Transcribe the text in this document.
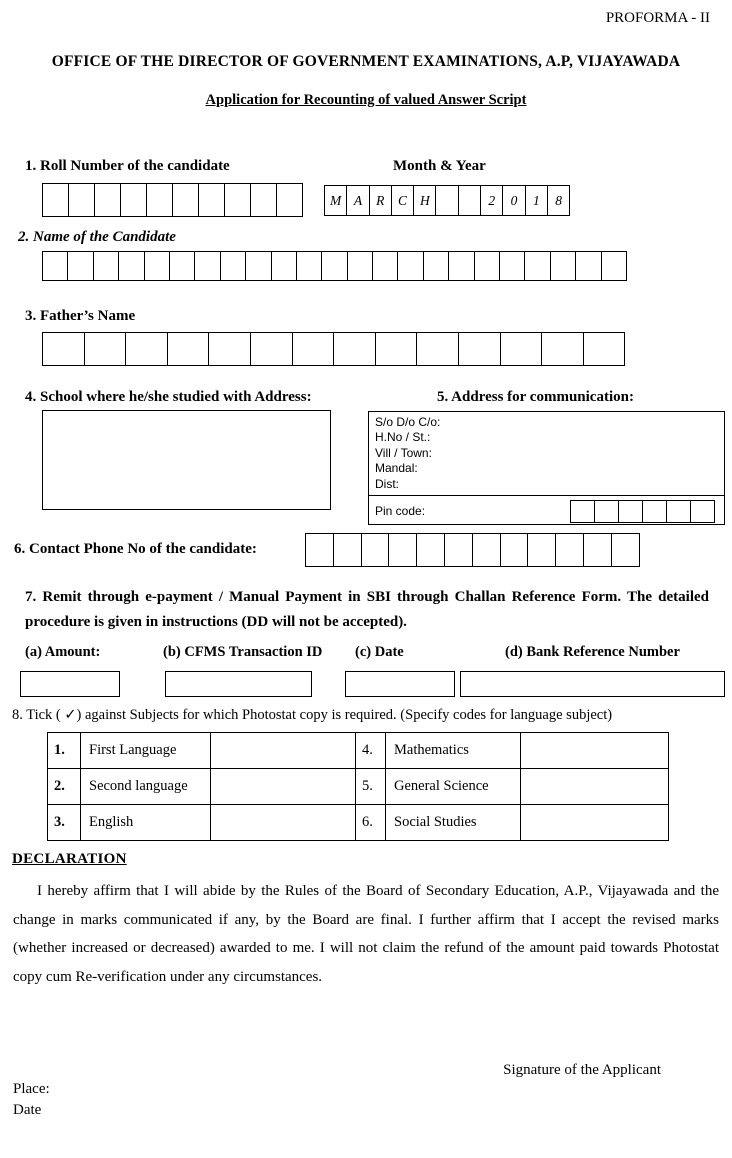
PROFORMA - II
OFFICE OF THE DIRECTOR OF GOVERNMENT EXAMINATIONS, A.P, VIJAYAWADA
Application for Recounting of valued Answer Script
1. Roll Number of the candidate	Month & Year
M A	R	C H	2	0	1	8
2. Name of the Candidate
3. Father’s Name
4. School where he/she studied with Address:	5. Address for communication:
S/o D/o C/o:
H.No / St.:
Vill / Town:
Mandal:
Dist:
Pin code:
6. Contact Phone No of the candidate:
7. Remit through e-payment / Manual Payment in SBI through Challan Reference Form. The detailed procedure is given in instructions (DD will not be accepted).
(a) Amount:	(b) CFMS Transaction ID (c) Date	(d) Bank Reference Number
8. Tick ( ✓) against Subjects for which Photostat copy is required. (Specify codes for language subject)
1.	First Language		4.	Mathematics	
2.	Second language		5.	General Science	
3.	English		6.	Social Studies	
DECLARATION
I hereby affirm that I will abide by the Rules of the Board of Secondary Education, A.P., Vijayawada and the change in marks communicated if any, by the Board are final. I further affirm that I accept the revised marks (whether increased or decreased) awarded to me. I will not claim the refund of the amount paid towards Photostat copy cum Re-verification under any circumstances.
Signature of the Applicant
Place:
Date
